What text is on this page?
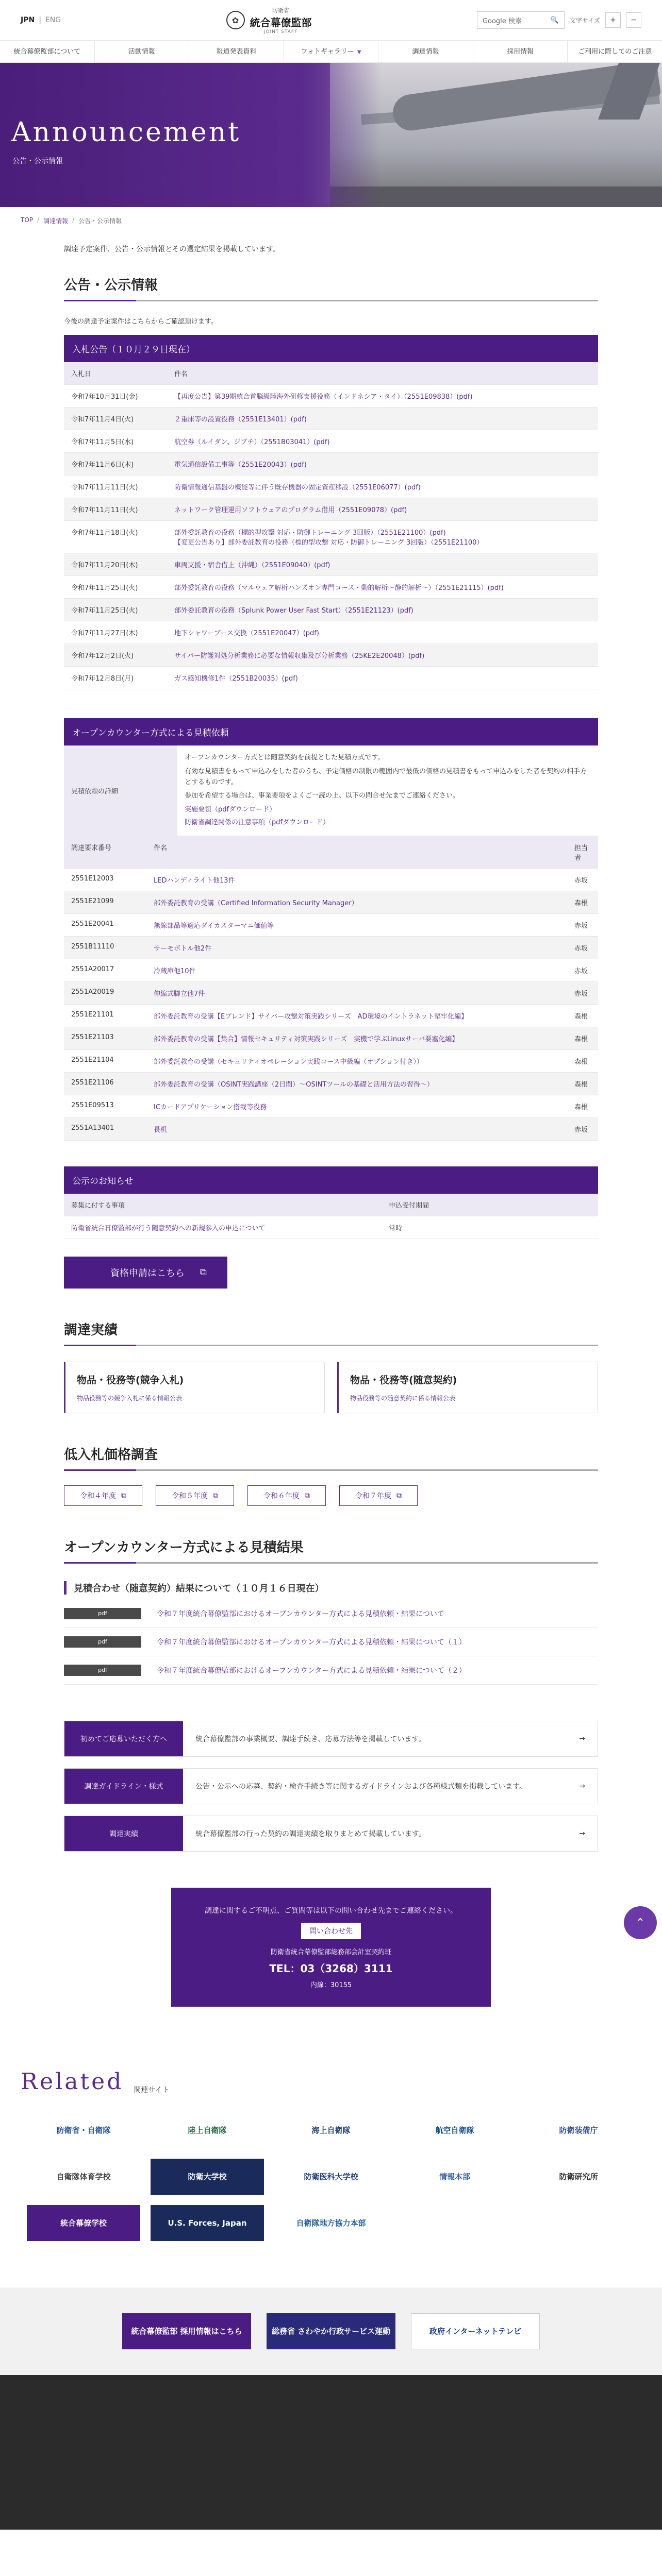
JPN | ENG	✿
防衛省
統合幕僚監部
JOINT STAFF
Google 検索	🔍 文字サイズ	+	−
統合幕僚監部について	活動情報	報道発表資料	フォトギャラリー ▼	調達情報	採用情報	ご利用に際してのご注意
Announcement
公告・公示情報
TOP / 調達情報 / 公告・公示情報

調達予定案件、公告・公示情報とその選定結果を掲載しています。

公告・公示情報

今後の調達予定案件はこちらからご確認頂けます。

入札公告（１０月２９日現在）
入札日	件名
令和7年10月31日(金)	【再度公告】第39期統合首脳級陸海外研修支援役務（インドネシア・タイ）（2551E09838）(pdf)
令和7年11月4日(火)	２重床等の設置役務（2551E13401）(pdf)
令和7年11月5日(水)	航空券（ルイダン、ジブチ）（2551B03041）(pdf)
令和7年11月6日(木)	電気通信設備工事等（2551E20043）(pdf)
令和7年11月11日(火)	防衛情報通信基盤の機能等に伴う既存機器の固定資産移設（2551E06077）(pdf)
令和7年11月11日(火)	ネットワーク管理運用ソフトウェアのプログラム借用（2551E09078）(pdf)
令和7年11月18日(火)	部外委託教育の役務（標的型攻撃 対応・防御トレーニング 3回版）（2551E21100）(pdf)
【変更公告あり】部外委託教育の役務（標的型攻撃 対応・防御トレーニング 3回版）（2551E21100）
令和7年11月20日(木)	車両支援・宿舎借上（沖縄）（2551E09040）(pdf)
令和7年11月25日(火)	部外委託教育の役務（マルウェア解析ハンズオン専門コース・動的解析〜静的解析〜）（2551E21115）(pdf)
令和7年11月25日(火)	部外委託教育の役務（Splunk Power User Fast Start）（2551E21123）(pdf)
令和7年11月27日(木)	地下シャワーブース交換（2551E20047）(pdf)
令和7年12月2日(火)	サイバー防護対処分析業務に必要な情報収集及び分析業務（25KE2E20048）(pdf)
令和7年12月8日(月)	ガス感知機修1件（2551B20035）(pdf)
オープンカウンター方式による見積依頼
見積依頼の詳細

オープンカウンター方式とは随意契約を前提とした見積方式です。

有効な見積書をもって申込みをした者のうち、予定価格の制限の範囲内で最低の価格の見積書をもって申込みをした者を契約の相手方とするものです。

参加を希望する場合は、事業要項をよくご一読の上、以下の問合せ先までご連絡ください。

実施要領（pdfダウンロード）
防衛省調達関係の注意事項（pdfダウンロード）
調達要求番号	件名	担当者
2551E12003	LEDハンディライト他13件	赤坂
2551E21099	部外委託教育の受講（Certified Information Security Manager）	森根
2551E20041	無線部品等適応ダイカスターマニ価値等	赤坂
2551B11110	サーモボトル他2件	赤坂
2551A20017	冷蔵庫他10件	赤坂
2551A20019	伸縮式脚立他7件	赤坂
2551E21101	部外委託教育の受講【Eプレンド】サイバー攻撃対策実践シリーズ　AD環境のイントラネット堅牢化編】	森根
2551E21103	部外委託教育の受講【集合】情報セキュリティ対策実践シリーズ　実機で学ぶLinuxサーバ要塞化編】	森根
2551E21104	部外委託教育の受講（セキュリティオペレーション実践コース中級編（オプション付き））	森根
2551E21106	部外委託教育の受講（OSINT実践講座（2日間）〜OSINTツールの基礎と活用方法の習得〜）	森根
2551E09513	ICカードアプリケーション搭載等役務	森根
2551A13401	長机	赤坂
公示のお知らせ
募集に付する事項	申込受付期間
防衛省統合幕僚監部が行う随意契約への新規参入の申込について	常時
資格申請はこちら ⧉
調達実績
物品・役務等(競争入札)
物品役務等の競争入札に係る情報公表
物品・役務等(随意契約)
物品役務等の随意契約に係る情報公表
低入札価格調査
令和４年度 ⧉	令和５年度 ⧉	令和６年度 ⧉	令和７年度 ⧉
オープンカウンター方式による見積結果
見積合わせ（随意契約）結果について（１０月１６日現在）
pdf	令和７年度統合幕僚監部におけるオープンカウンター方式による見積依頼・結果について
pdf	令和７年度統合幕僚監部におけるオープンカウンター方式による見積依頼・結果について（１）
pdf	令和７年度統合幕僚監部におけるオープンカウンター方式による見積依頼・結果について（２）
初めてご応募いただく方へ	統合幕僚監部の事業概要、調達手続き、応募方法等を掲載しています。	→
調達ガイドライン・様式	公告・公示への応募、契約・検査手続き等に関するガイドラインおよび各種様式類を掲載しています。	→
調達実績	統合幕僚監部の行った契約の調達実績を取りまとめて掲載しています。	→
調達に関するご不明点、ご質問等は以下の問い合わせ先までご連絡ください。
問い合わせ先
防衛省統合幕僚監部総務部会計室契約班
TEL：03（3268）3111
内線：30155
Related 関連サイト
防衛省・自衛隊	陸上自衛隊	海上自衛隊	航空自衛隊	防衛装備庁
自衛隊体育学校	防衛大学校	防衛医科大学校	情報本部	防衛研究所
統合幕僚学校	U.S. Forces, Japan	自衛隊地方協力本部
統合幕僚監部 採用情報はこちら	総務省 さわやか行政サービス運動	政府インターネットテレビ
⌃
